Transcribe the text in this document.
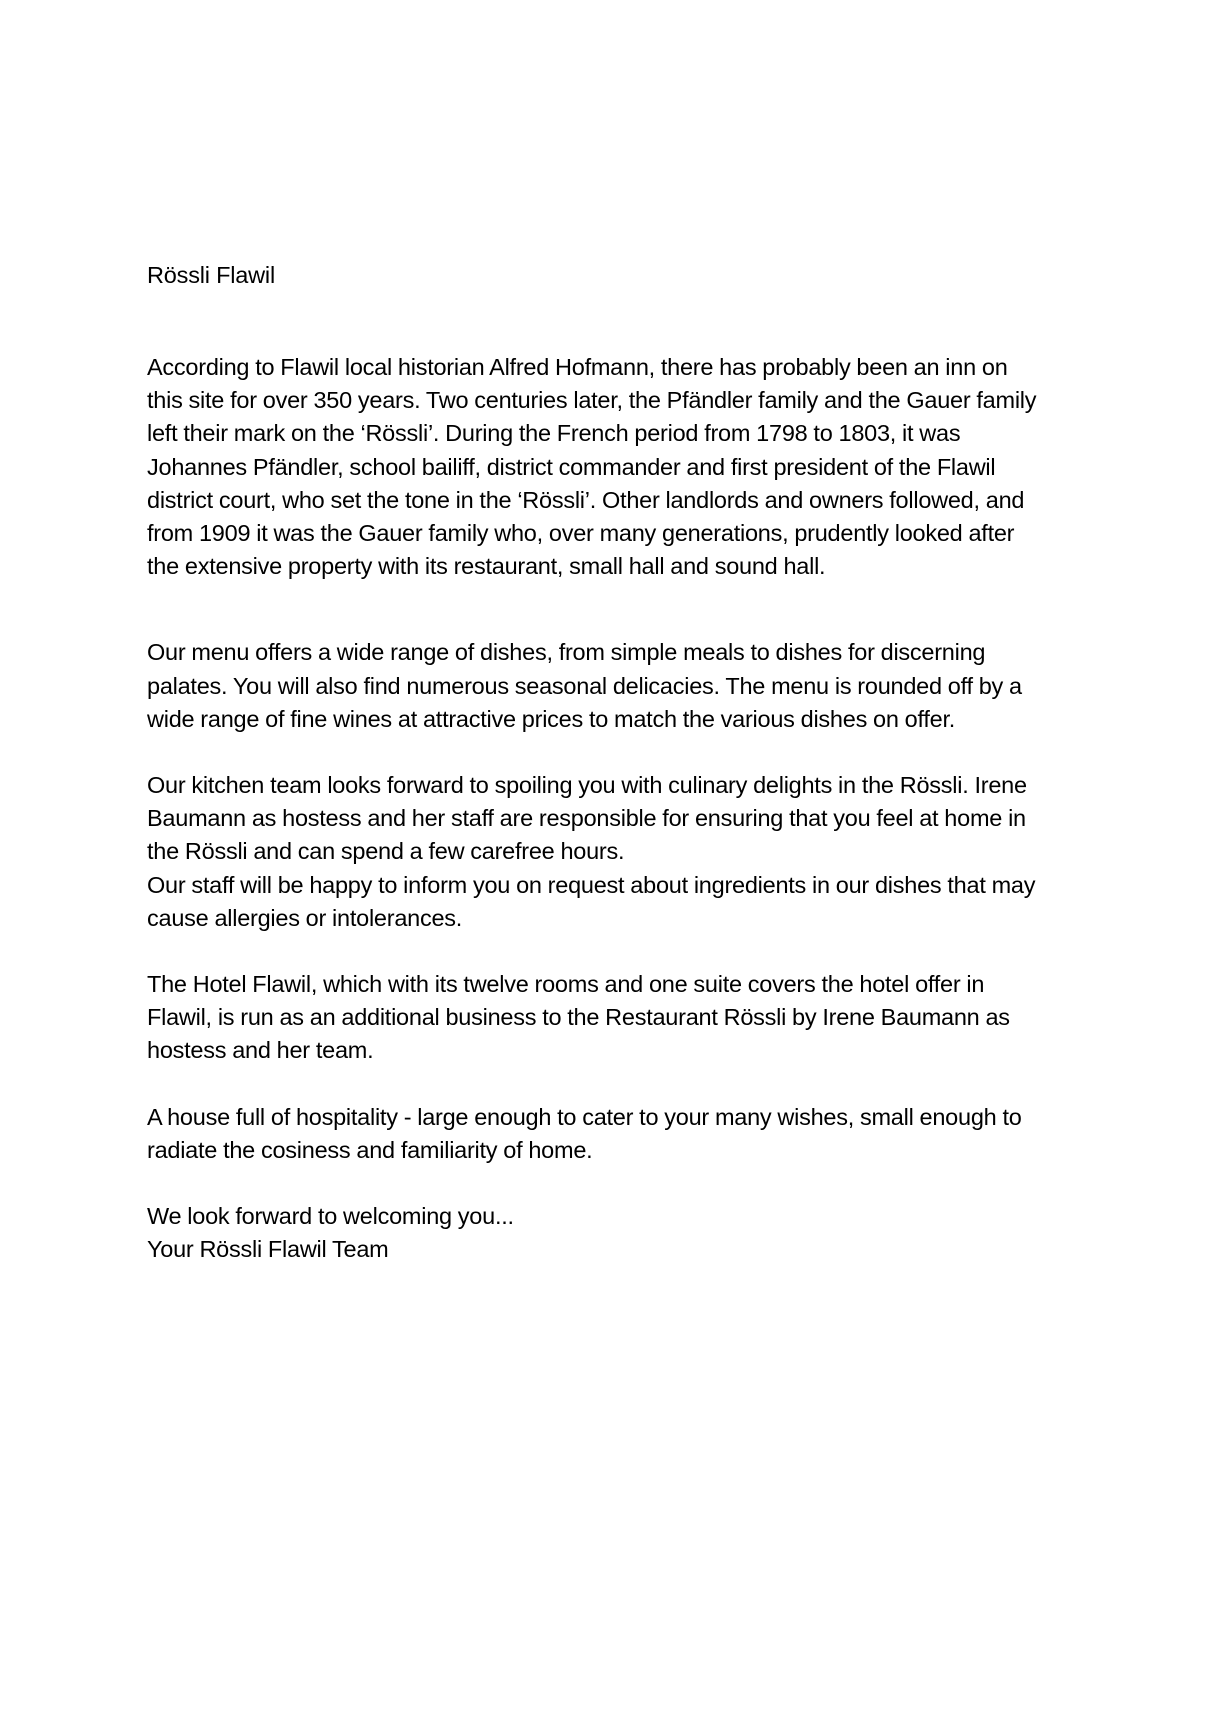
Rössli Flawil

According to Flawil local historian Alfred Hofmann, there has probably been an inn on
this site for over 350 years. Two centuries later, the Pfändler family and the Gauer family
left their mark on the ‘Rössli’. During the French period from 1798 to 1803, it was
Johannes Pfändler, school bailiff, district commander and first president of the Flawil
district court, who set the tone in the ‘Rössli’. Other landlords and owners followed, and
from 1909 it was the Gauer family who, over many generations, prudently looked after
the extensive property with its restaurant, small hall and sound hall.

Our menu offers a wide range of dishes, from simple meals to dishes for discerning
palates. You will also find numerous seasonal delicacies. The menu is rounded off by a
wide range of fine wines at attractive prices to match the various dishes on offer.

Our kitchen team looks forward to spoiling you with culinary delights in the Rössli. Irene
Baumann as hostess and her staff are responsible for ensuring that you feel at home in
the Rössli and can spend a few carefree hours.
Our staff will be happy to inform you on request about ingredients in our dishes that may
cause allergies or intolerances.

The Hotel Flawil, which with its twelve rooms and one suite covers the hotel offer in
Flawil, is run as an additional business to the Restaurant Rössli by Irene Baumann as
hostess and her team.

A house full of hospitality - large enough to cater to your many wishes, small enough to
radiate the cosiness and familiarity of home.

We look forward to welcoming you...
Your Rössli Flawil Team
